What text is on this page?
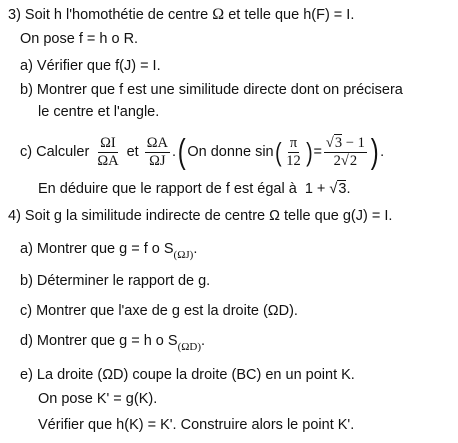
3) Soit h l'homothétie de centre Ω et telle que h(F) = I.
On pose f = h o R.
a) Vérifier que f(J) = I.
b) Montrer que f est une similitude directe dont on précisera
le centre et l'angle.
c) Calculer
$\frac{\Omega I}{\Omega A}$
et
$\frac{\Omega A}{\Omega J}$ . ( On donne sin ( $\frac{\pi}{12}$ ) = $\frac{√3 - 1}{2√2}$ ) .
En déduire que le rapport de f est égal à 1 + √3.
4) Soit g la similitude indirecte de centre Ω telle que g(J) = I.
a) Montrer que g = f o $S_{(\Omega J)}$.
b) Déterminer le rapport de g.
c) Montrer que l'axe de g est la droite (ΩD).
d) Montrer que g = h o $S_{(\Omega D)}$.
e) La droite (ΩD) coupe la droite (BC) en un point K.
On pose K' = g(K).
Vérifier que h(K) = K'. Construire alors le point K'.
